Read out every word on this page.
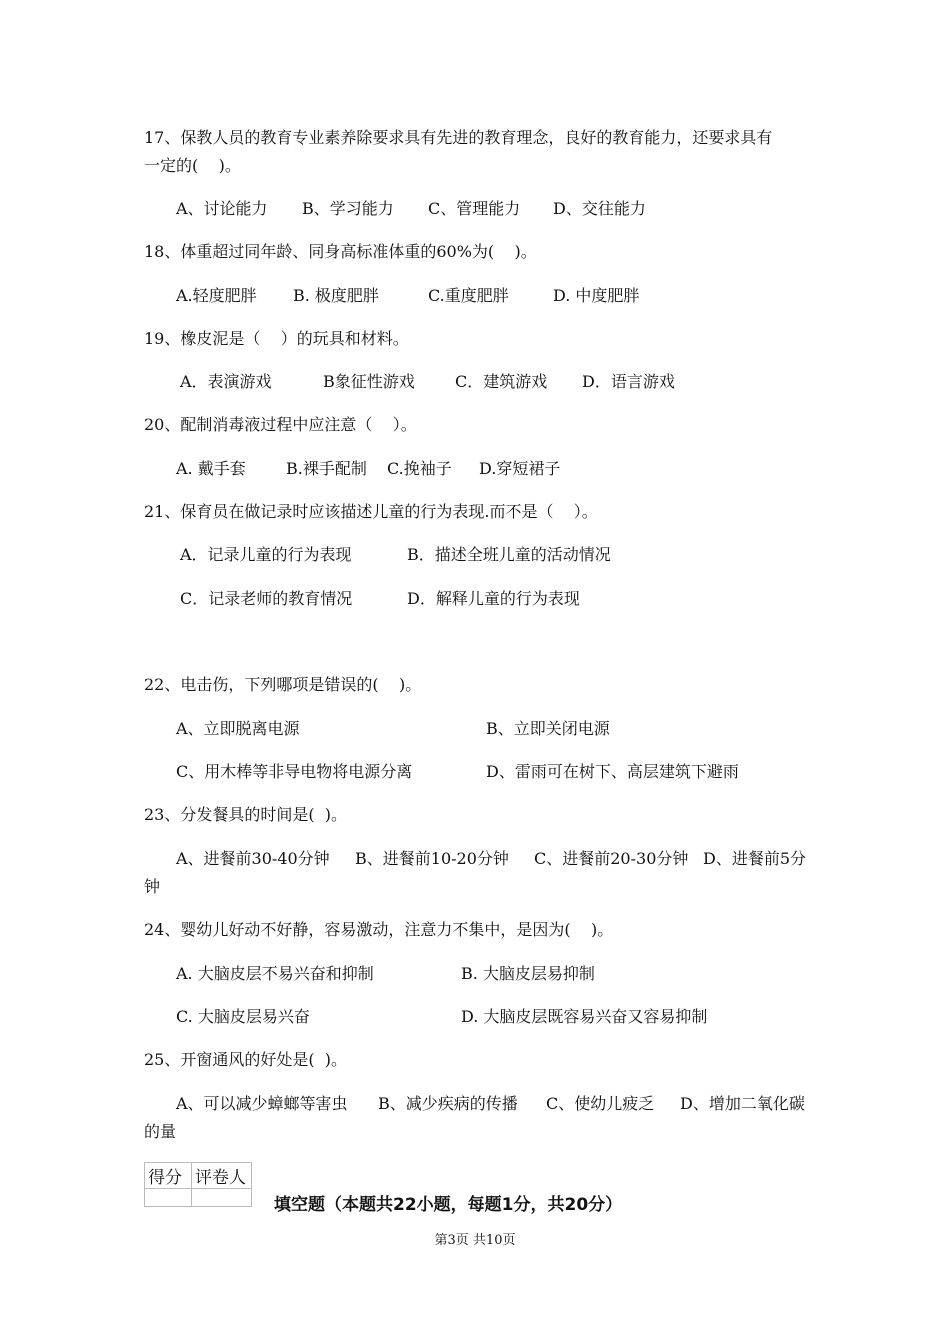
17、保教人员的教育专业素养除要求具有先进的教育理念，良好的教育能力，还要求具有
一定的(    )。
A、讨论能力 B、学习能力 C、管理能力 D、交往能力
18、体重超过同年龄、同身高标准体重的60%为(    )。
A.轻度肥胖 B. 极度肥胖	C.重度肥胖	D. 中度肥胖
19、橡皮泥是（    ）的玩具和材料。
A．表演游戏	B象征性游戏	C．建筑游戏 D．语言游戏
20、配制消毒液过程中应注意（    ）。
A. 戴手套	B.裸手配制 C.挽袖子 D.穿短裙子
21、保育员在做记录时应该描述儿童的行为表现.而不是（    ）。
A．记录儿童的行为表现	B．描述全班儿童的活动情况
C．记录老师的教育情况	D．解释儿童的行为表现
22、电击伤，下列哪项是错误的(    )。
A、立即脱离电源	B、立即关闭电源
C、用木棒等非导电物将电源分离	D、雷雨可在树下、高层建筑下避雨
23、分发餐具的时间是(  )。
A、进餐前30-40分钟 B、进餐前10-20分钟 C、进餐前20-30分钟 D、进餐前5分
钟
24、婴幼儿好动不好静，容易激动，注意力不集中，是因为(    )。
A. 大脑皮层不易兴奋和抑制	B. 大脑皮层易抑制
C. 大脑皮层易兴奋	D. 大脑皮层既容易兴奋又容易抑制
25、开窗通风的好处是(  )。
A、可以减少蟑螂等害虫 B、减少疾病的传播 C、使幼儿疲乏 D、增加二氧化碳
的量
得分	评卷人

填空题（本题共22小题，每题1分，共20分）
第3页 共10页
